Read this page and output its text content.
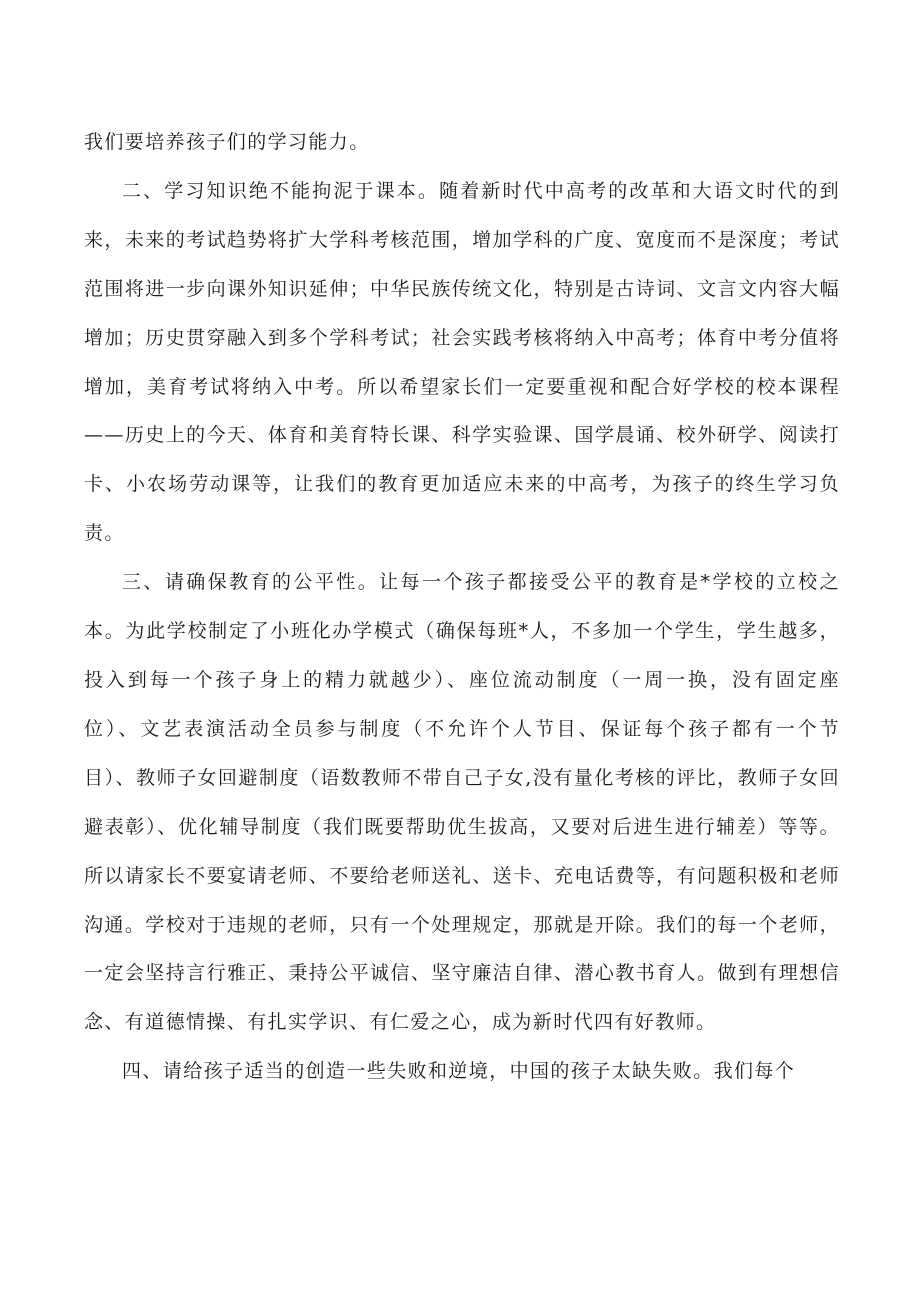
我们要培养孩子们的学习能力。

二、学习知识绝不能拘泥于课本。随着新时代中高考的改革和大语文时代的到来，未来的考试趋势将扩大学科考核范围，增加学科的广度、宽度而不是深度；考试范围将进一步向课外知识延伸；中华民族传统文化，特别是古诗词、文言文内容大幅增加；历史贯穿融入到多个学科考试；社会实践考核将纳入中高考；体育中考分值将增加，美育考试将纳入中考。所以希望家长们一定要重视和配合好学校的校本课程——历史上的今天、体育和美育特长课、科学实验课、国学晨诵、校外研学、阅读打卡、小农场劳动课等，让我们的教育更加适应未来的中高考，为孩子的终生学习负责。

三、请确保教育的公平性。让每一个孩子都接受公平的教育是*学校的立校之本。为此学校制定了小班化办学模式（确保每班*人，不多加一个学生，学生越多，投入到每一个孩子身上的精力就越少）、座位流动制度（一周一换，没有固定座位）、文艺表演活动全员参与制度（不允许个人节目、保证每个孩子都有一个节目）、教师子女回避制度（语数教师不带自己子女,没有量化考核的评比，教师子女回避表彰）、优化辅导制度（我们既要帮助优生拔高，又要对后进生进行辅差）等等。所以请家长不要宴请老师、不要给老师送礼、送卡、充电话费等，有问题积极和老师沟通。学校对于违规的老师，只有一个处理规定，那就是开除。我们的每一个老师，一定会坚持言行雅正、秉持公平诚信、坚守廉洁自律、潜心教书育人。做到有理想信念、有道德情操、有扎实学识、有仁爱之心，成为新时代四有好教师。

四、请给孩子适当的创造一些失败和逆境，中国的孩子太缺失败。我们每个
